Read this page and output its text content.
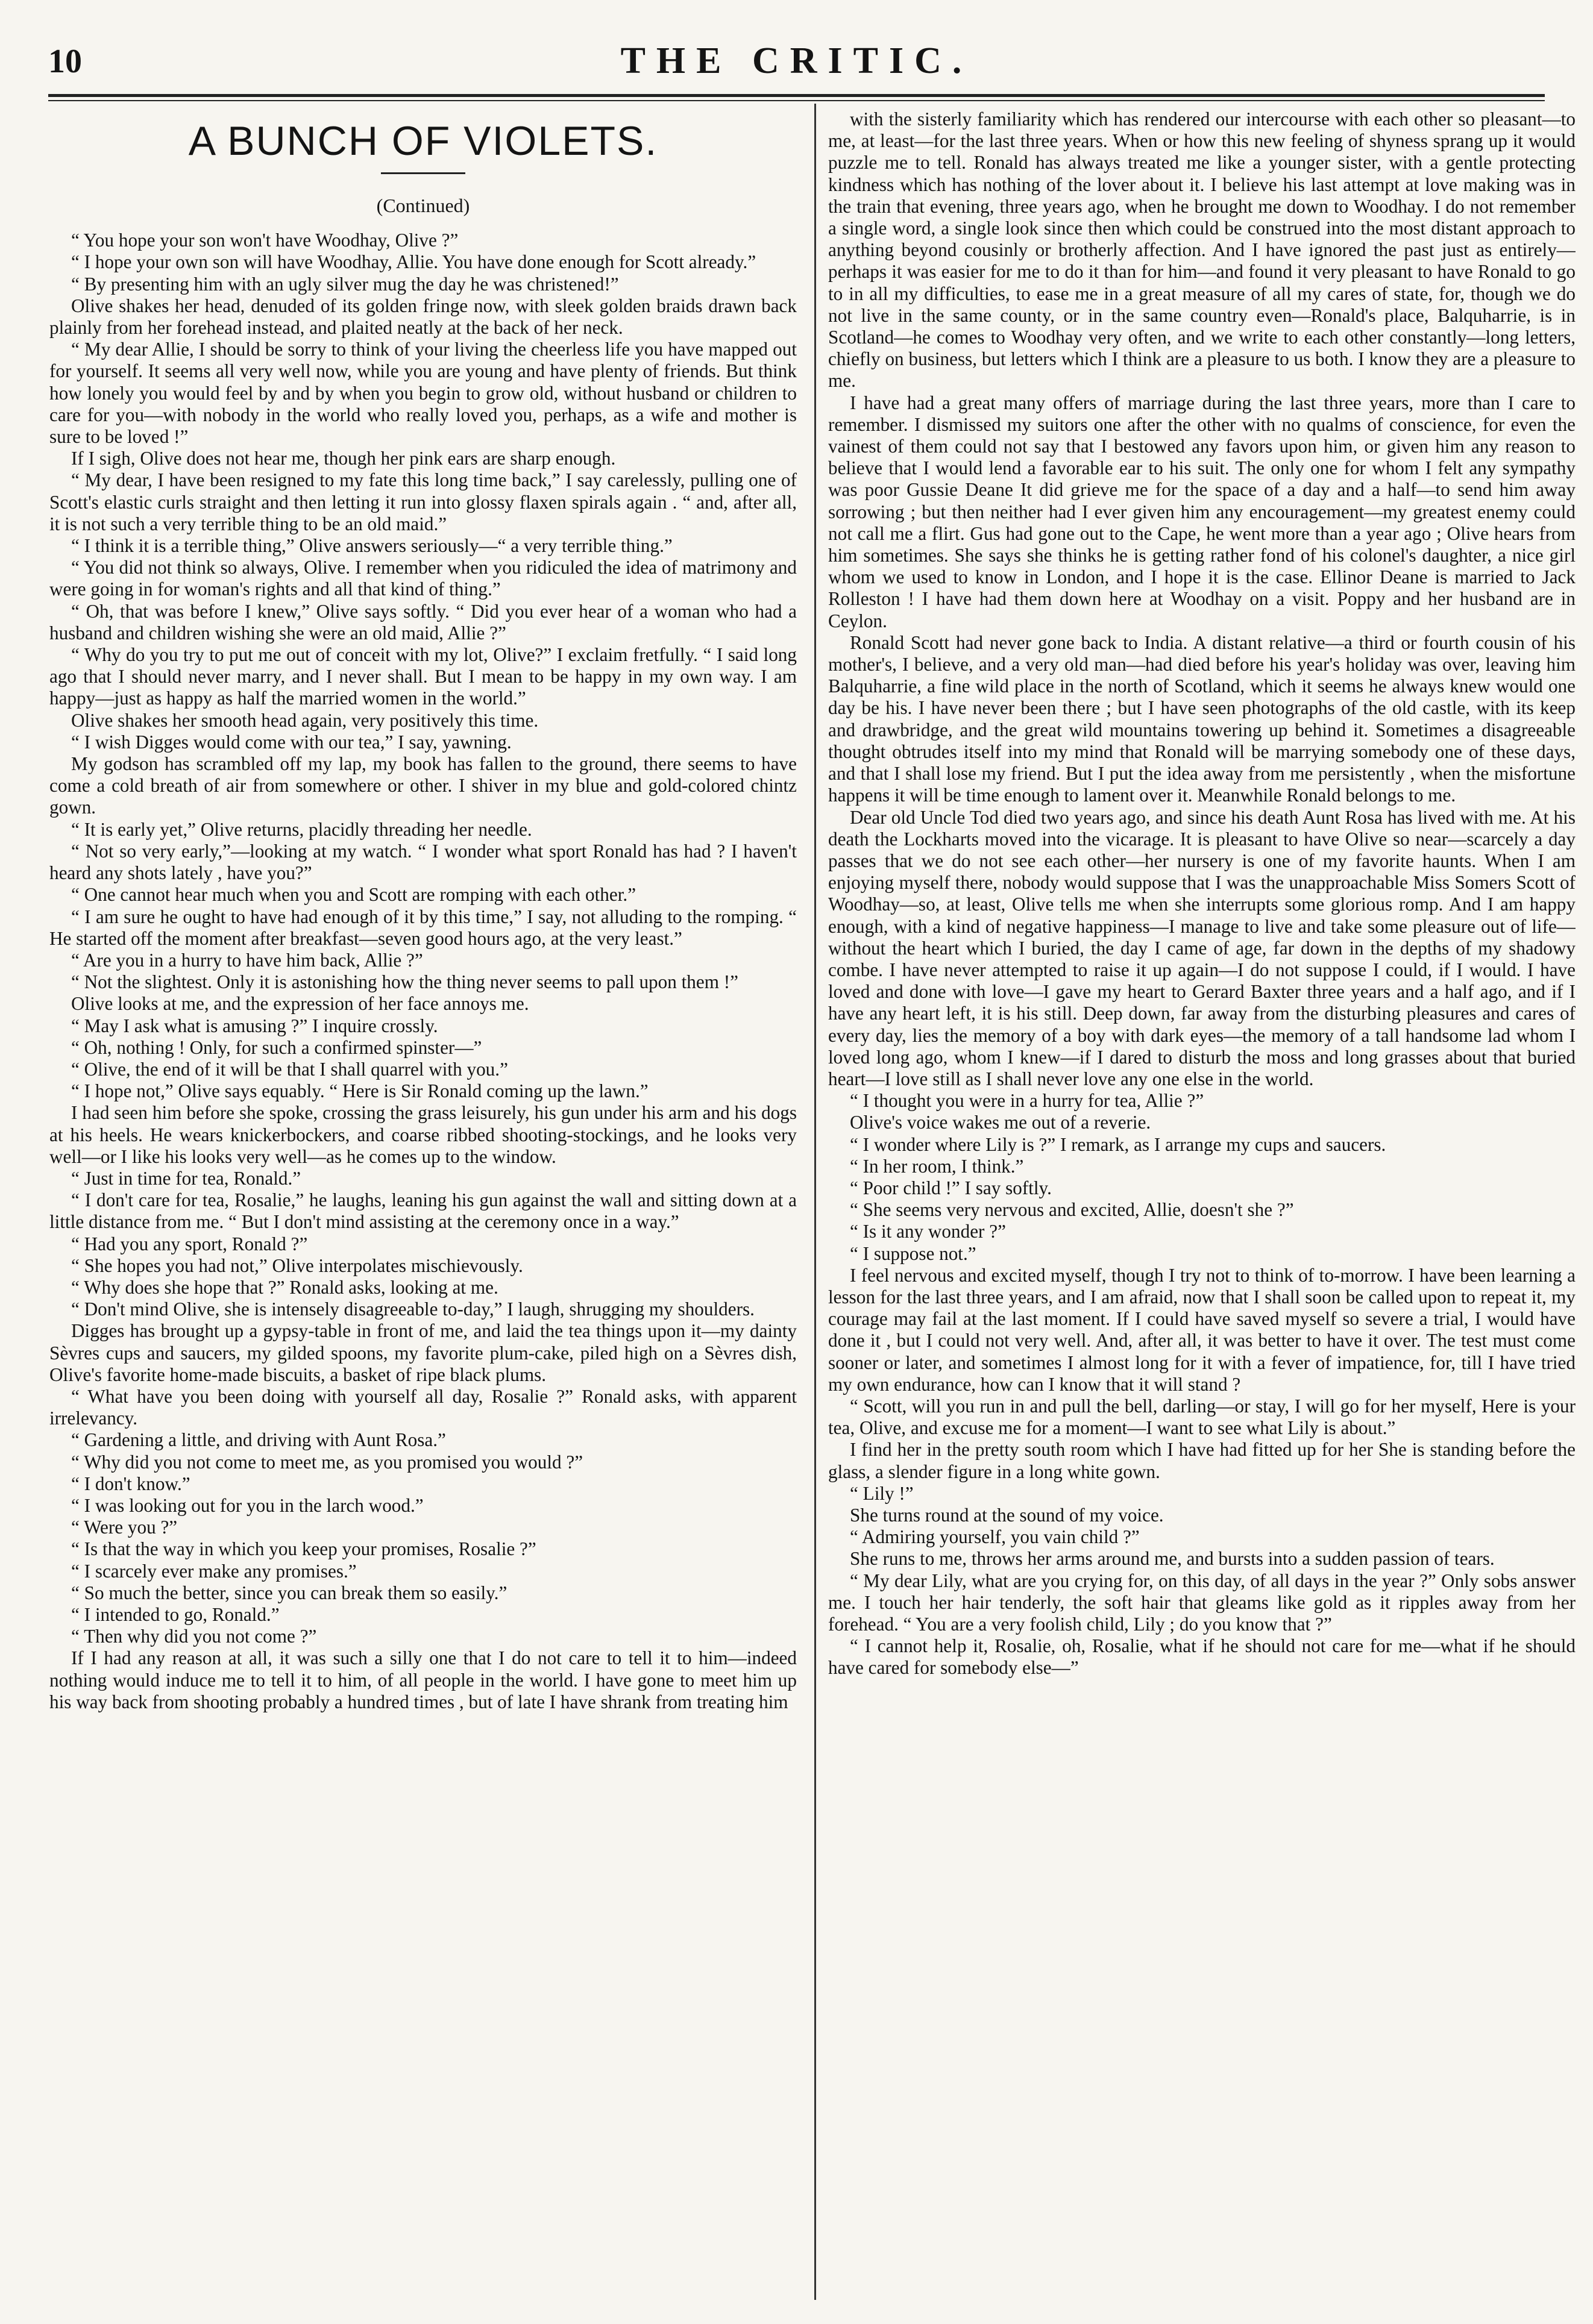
10	THE CRITIC.
A BUNCH OF VIOLETS.
(Continued)

“ You hope your son won't have Woodhay, Olive ?”

“ I hope your own son will have Woodhay, Allie. You have done enough for Scott already.”

“ By presenting him with an ugly silver mug the day he was christened!”

Olive shakes her head, denuded of its golden fringe now, with sleek golden braids drawn back plainly from her forehead instead, and plaited neatly at the back of her neck.

“ My dear Allie, I should be sorry to think of your living the cheerless life you have mapped out for yourself. It seems all very well now, while you are young and have plenty of friends. But think how lonely you would feel by and by when you begin to grow old, without husband or children to care for you—with nobody in the world who really loved you, perhaps, as a wife and mother is sure to be loved !”

If I sigh, Olive does not hear me, though her pink ears are sharp enough.

“ My dear, I have been resigned to my fate this long time back,” I say carelessly, pulling one of Scott's elastic curls straight and then letting it run into glossy flaxen spirals again . “ and, after all, it is not such a very terrible thing to be an old maid.”

“ I think it is a terrible thing,” Olive answers seriously—“ a very terrible thing.”

“ You did not think so always, Olive. I remember when you ridiculed the idea of matrimony and were going in for woman's rights and all that kind of thing.”

“ Oh, that was before I knew,” Olive says softly. “ Did you ever hear of a woman who had a husband and children wishing she were an old maid, Allie ?”

“ Why do you try to put me out of conceit with my lot, Olive?” I exclaim fretfully. “ I said long ago that I should never marry, and I never shall. But I mean to be happy in my own way. I am happy—just as happy as half the married women in the world.”

Olive shakes her smooth head again, very positively this time.

“ I wish Digges would come with our tea,” I say, yawning.

My godson has scrambled off my lap, my book has fallen to the ground, there seems to have come a cold breath of air from somewhere or other. I shiver in my blue and gold-colored chintz gown.

“ It is early yet,” Olive returns, placidly threading her needle.

“ Not so very early,”—looking at my watch. “ I wonder what sport Ronald has had ? I haven't heard any shots lately , have you?”

“ One cannot hear much when you and Scott are romping with each other.”

“ I am sure he ought to have had enough of it by this time,” I say, not alluding to the romping. “ He started off the moment after breakfast—seven good hours ago, at the very least.”

“ Are you in a hurry to have him back, Allie ?”

“ Not the slightest. Only it is astonishing how the thing never seems to pall upon them !”

Olive looks at me, and the expression of her face annoys me.

“ May I ask what is amusing ?” I inquire crossly.

“ Oh, nothing ! Only, for such a confirmed spinster—”

“ Olive, the end of it will be that I shall quarrel with you.”

“ I hope not,” Olive says equably. “ Here is Sir Ronald coming up the lawn.”

I had seen him before she spoke, crossing the grass leisurely, his gun under his arm and his dogs at his heels. He wears knickerbockers, and coarse ribbed shooting-stockings, and he looks very well—or I like his looks very well—as he comes up to the window.

“ Just in time for tea, Ronald.”

“ I don't care for tea, Rosalie,” he laughs, leaning his gun against the wall and sitting down at a little distance from me. “ But I don't mind assisting at the ceremony once in a way.”

“ Had you any sport, Ronald ?”

“ She hopes you had not,” Olive interpolates mischievously.

“ Why does she hope that ?” Ronald asks, looking at me.

“ Don't mind Olive, she is intensely disagreeable to-day,” I laugh, shrugging my shoulders.

Digges has brought up a gypsy-table in front of me, and laid the tea things upon it—my dainty Sèvres cups and saucers, my gilded spoons, my favorite plum-cake, piled high on a Sèvres dish, Olive's favorite home-made biscuits, a basket of ripe black plums.

“ What have you been doing with yourself all day, Rosalie ?” Ronald asks, with apparent irrelevancy.

“ Gardening a little, and driving with Aunt Rosa.”

“ Why did you not come to meet me, as you promised you would ?”

“ I don't know.”

“ I was looking out for you in the larch wood.”

“ Were you ?”

“ Is that the way in which you keep your promises, Rosalie ?”

“ I scarcely ever make any promises.”

“ So much the better, since you can break them so easily.”

“ I intended to go, Ronald.”

“ Then why did you not come ?”

If I had any reason at all, it was such a silly one that I do not care to tell it to him—indeed nothing would induce me to tell it to him, of all people in the world. I have gone to meet him up his way back from shooting probably a hundred times , but of late I have shrank from treating him

with the sisterly familiarity which has rendered our intercourse with each other so pleasant—to me, at least—for the last three years. When or how this new feeling of shyness sprang up it would puzzle me to tell. Ronald has always treated me like a younger sister, with a gentle protecting kindness which has nothing of the lover about it. I believe his last attempt at love making was in the train that evening, three years ago, when he brought me down to Woodhay. I do not remember a single word, a single look since then which could be construed into the most distant approach to anything beyond cousinly or brotherly affection. And I have ignored the past just as entirely—perhaps it was easier for me to do it than for him—and found it very pleasant to have Ronald to go to in all my difficulties, to ease me in a great measure of all my cares of state, for, though we do not live in the same county, or in the same country even—Ronald's place, Balquharrie, is in Scotland—he comes to Woodhay very often, and we write to each other constantly—long letters, chiefly on business, but letters which I think are a pleasure to us both. I know they are a pleasure to me.

I have had a great many offers of marriage during the last three years, more than I care to remember. I dismissed my suitors one after the other with no qualms of conscience, for even the vainest of them could not say that I bestowed any favors upon him, or given him any reason to believe that I would lend a favorable ear to his suit. The only one for whom I felt any sympathy was poor Gussie Deane It did grieve me for the space of a day and a half—to send him away sorrowing ; but then neither had I ever given him any encouragement—my greatest enemy could not call me a flirt. Gus had gone out to the Cape, he went more than a year ago ; Olive hears from him sometimes. She says she thinks he is getting rather fond of his colonel's daughter, a nice girl whom we used to know in London, and I hope it is the case. Ellinor Deane is married to Jack Rolleston ! I have had them down here at Woodhay on a visit. Poppy and her husband are in Ceylon.

Ronald Scott had never gone back to India. A distant relative—a third or fourth cousin of his mother's, I believe, and a very old man—had died before his year's holiday was over, leaving him Balquharrie, a fine wild place in the north of Scotland, which it seems he always knew would one day be his. I have never been there ; but I have seen photographs of the old castle, with its keep and drawbridge, and the great wild mountains towering up behind it. Sometimes a disagreeable thought obtrudes itself into my mind that Ronald will be marrying somebody one of these days, and that I shall lose my friend. But I put the idea away from me persistently , when the misfortune happens it will be time enough to lament over it. Meanwhile Ronald belongs to me.

Dear old Uncle Tod died two years ago, and since his death Aunt Rosa has lived with me. At his death the Lockharts moved into the vicarage. It is pleasant to have Olive so near—scarcely a day passes that we do not see each other—her nursery is one of my favorite haunts. When I am enjoying myself there, nobody would suppose that I was the unapproachable Miss Somers Scott of Woodhay—so, at least, Olive tells me when she interrupts some glorious romp. And I am happy enough, with a kind of negative happiness—I manage to live and take some pleasure out of life—without the heart which I buried, the day I came of age, far down in the depths of my shadowy combe. I have never attempted to raise it up again—I do not suppose I could, if I would. I have loved and done with love—I gave my heart to Gerard Baxter three years and a half ago, and if I have any heart left, it is his still. Deep down, far away from the disturbing pleasures and cares of every day, lies the memory of a boy with dark eyes—the memory of a tall handsome lad whom I loved long ago, whom I knew—if I dared to disturb the moss and long grasses about that buried heart—I love still as I shall never love any one else in the world.

“ I thought you were in a hurry for tea, Allie ?”

Olive's voice wakes me out of a reverie.

“ I wonder where Lily is ?” I remark, as I arrange my cups and saucers.

“ In her room, I think.”

“ Poor child !” I say softly.

“ She seems very nervous and excited, Allie, doesn't she ?”

“ Is it any wonder ?”

“ I suppose not.”

I feel nervous and excited myself, though I try not to think of to-morrow. I have been learning a lesson for the last three years, and I am afraid, now that I shall soon be called upon to repeat it, my courage may fail at the last moment. If I could have saved myself so severe a trial, I would have done it , but I could not very well. And, after all, it was better to have it over. The test must come sooner or later, and sometimes I almost long for it with a fever of impatience, for, till I have tried my own endurance, how can I know that it will stand ?

“ Scott, will you run in and pull the bell, darling—or stay, I will go for her myself, Here is your tea, Olive, and excuse me for a moment—I want to see what Lily is about.”

I find her in the pretty south room which I have had fitted up for her She is standing before the glass, a slender figure in a long white gown.

“ Lily !”

She turns round at the sound of my voice.

“ Admiring yourself, you vain child ?”

She runs to me, throws her arms around me, and bursts into a sudden passion of tears.

“ My dear Lily, what are you crying for, on this day, of all days in the year ?” Only sobs answer me. I touch her hair tenderly, the soft hair that gleams like gold as it ripples away from her forehead. “ You are a very foolish child, Lily ; do you know that ?”

“ I cannot help it, Rosalie, oh, Rosalie, what if he should not care for me—what if he should have cared for somebody else—”
